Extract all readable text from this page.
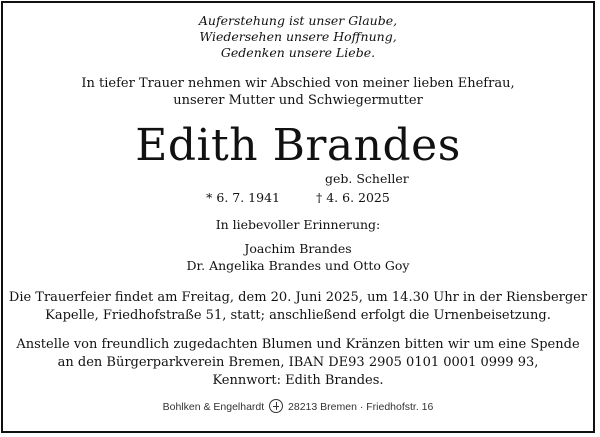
Auferstehung ist unser Glaube,
Wiedersehen unsere Hoffnung,
Gedenken unsere Liebe.
In tiefer Trauer nehmen wir Abschied von meiner lieben Ehefrau,
unserer Mutter und Schwiegermutter
Edith Brandes
geb. Scheller
* 6. 7. 1941	† 4. 6. 2025
In liebevoller Erinnerung:
Joachim Brandes
Dr. Angelika Brandes und Otto Goy
Die Trauerfeier findet am Freitag, dem 20. Juni 2025, um 14.30 Uhr in der Riensberger
Kapelle, Friedhofstraße 51, statt; anschließend erfolgt die Urnenbeisetzung.
Anstelle von freundlich zugedachten Blumen und Kränzen bitten wir um eine Spende
an den Bürgerparkverein Bremen, IBAN DE93 2905 0101 0001 0999 93,
Kennwort: Edith Brandes.
Bohlken & Engelhardt 28213 Bremen · Friedhofstr. 16
